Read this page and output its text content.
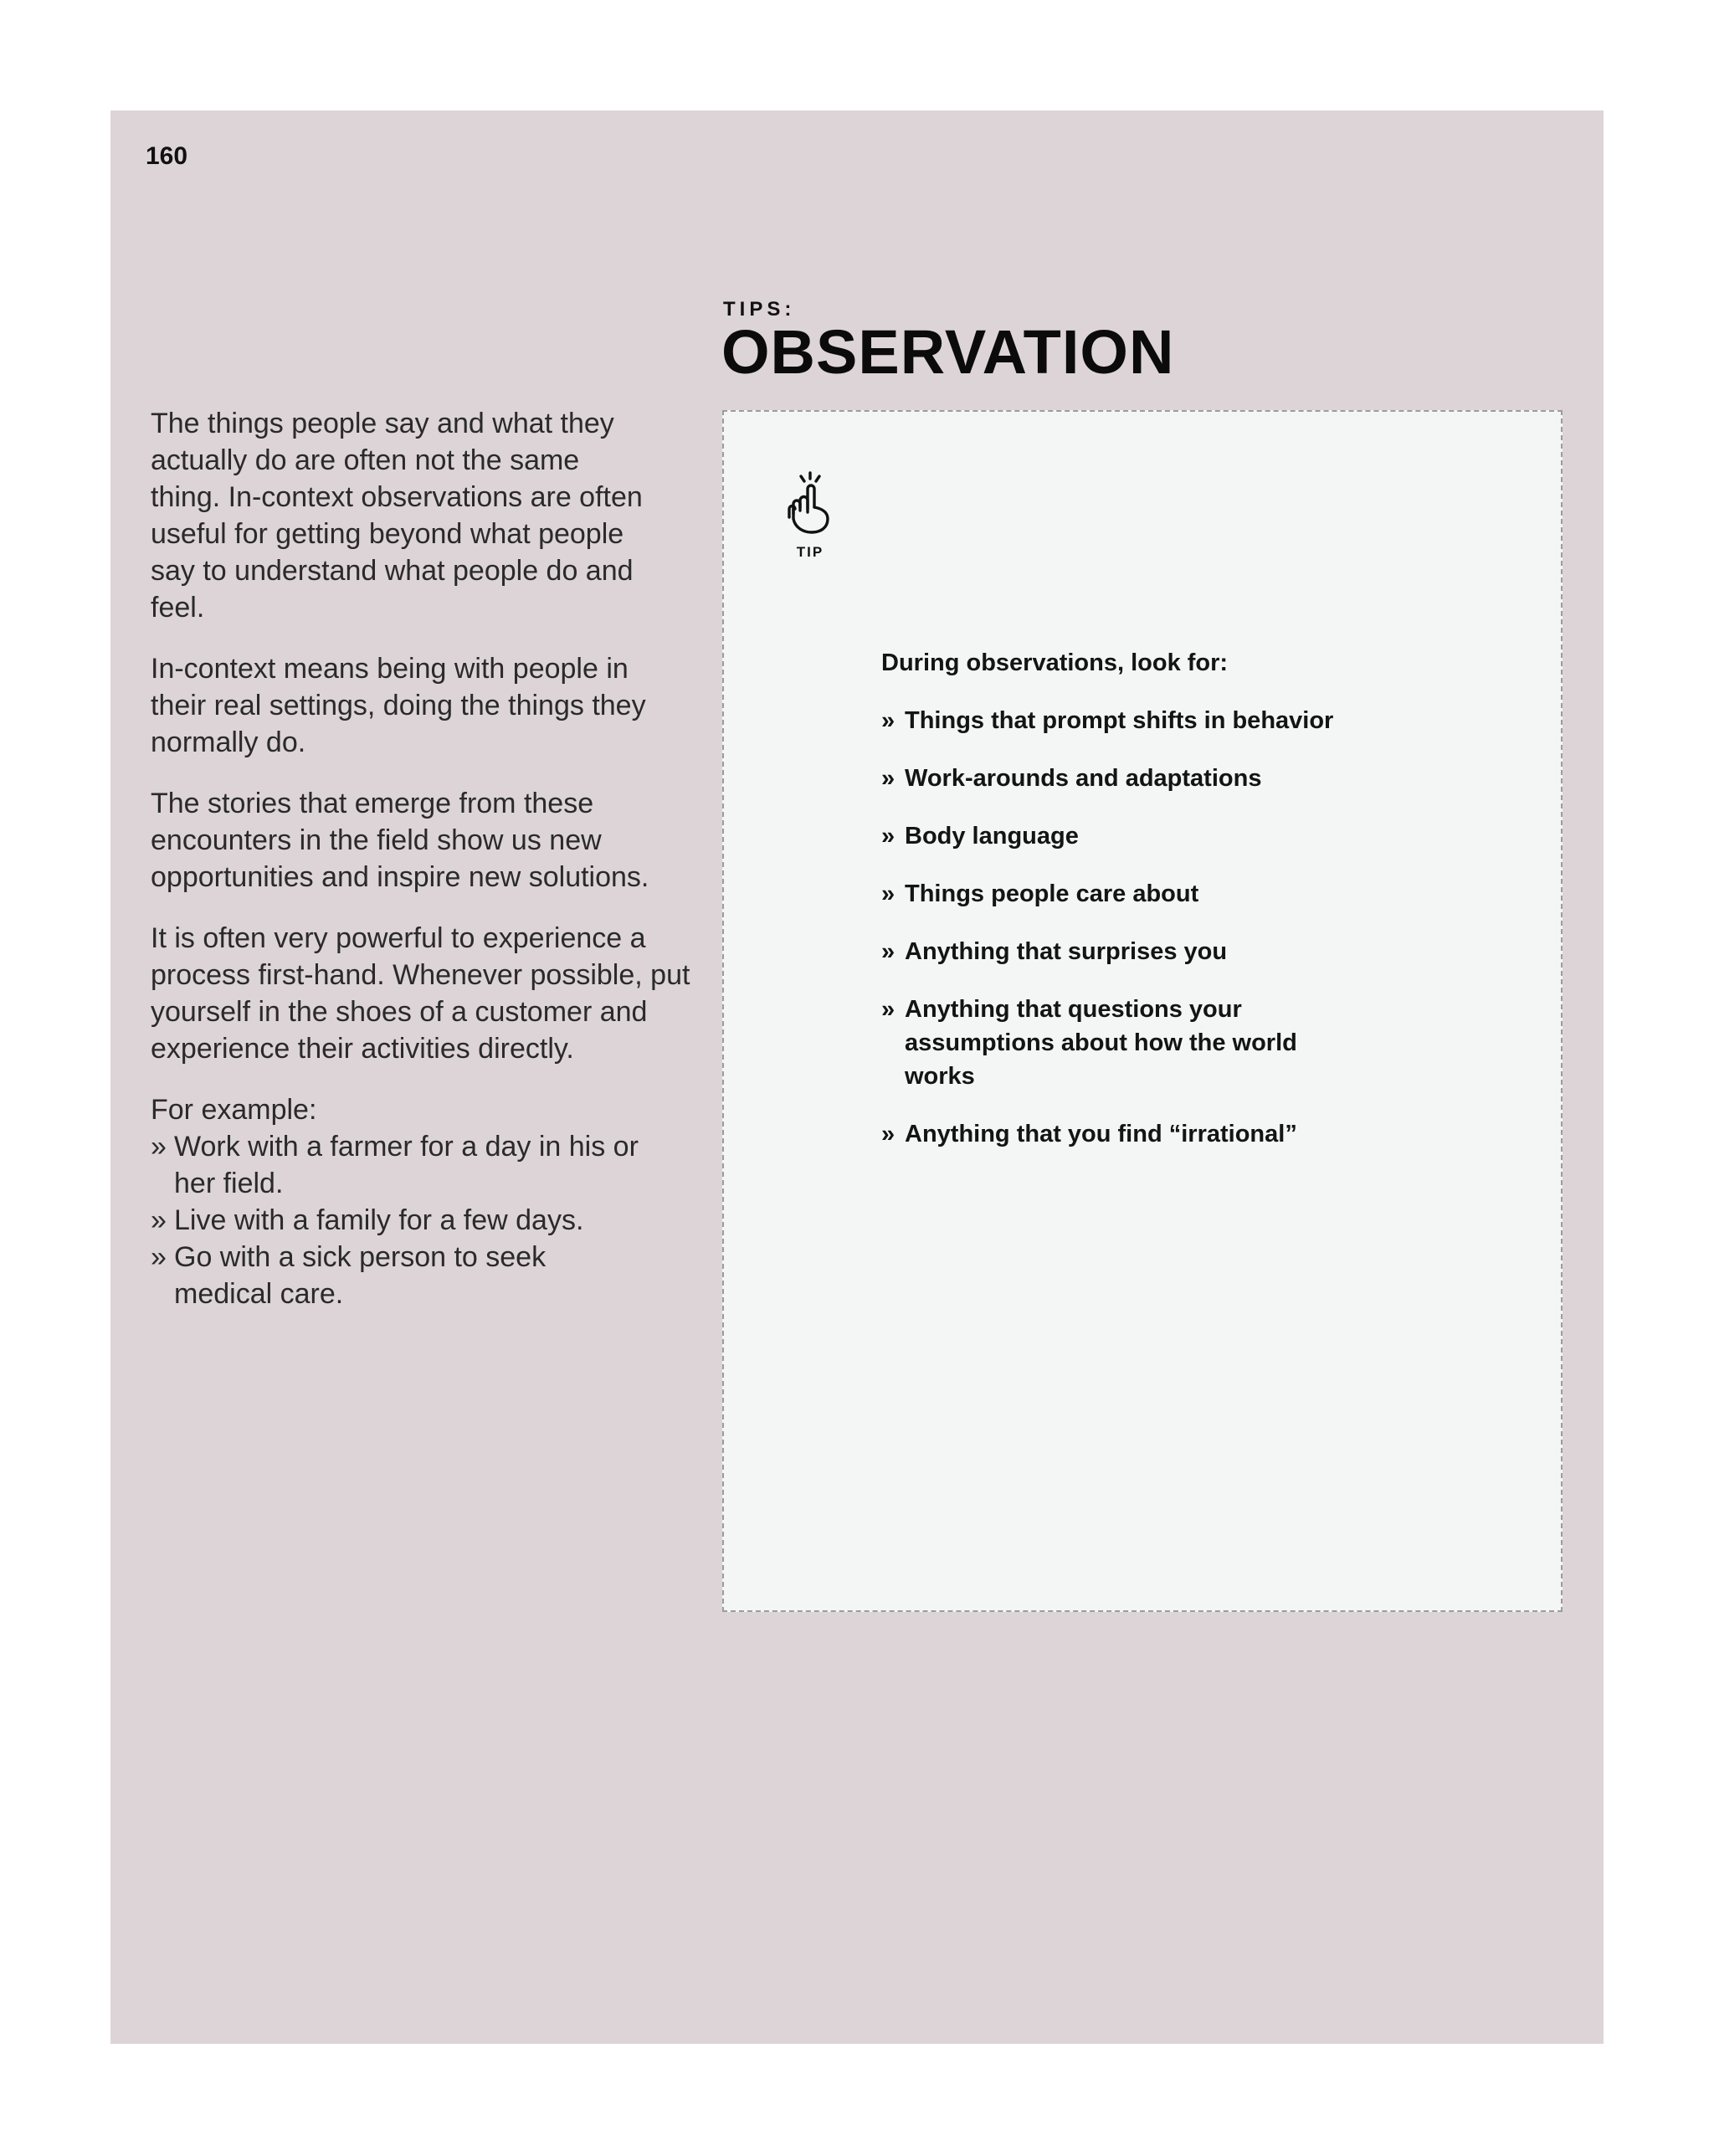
160
TIPS:
OBSERVATION

The things people say and what they actually do are often not the same thing. In-context observations are often useful for getting beyond what people say to understand what people do and feel.

In-context means being with people in their real settings, doing the things they normally do.

The stories that emerge from these encounters in the field show us new opportunities and inspire new solutions.

It is often very powerful to experience a process first-hand. Whenever possible, put yourself in the shoes of a customer and experience their activities directly.

For example:
» Work with a farmer for a day in his or her field.
» Live with a family for a few days.
» Go with a sick person to seek medical care.
TIP
During observations, look for:
» Things that prompt shifts in behavior
» Work-arounds and adaptations
» Body language
» Things people care about
» Anything that surprises you
» Anything that questions your assumptions about how the world works
» Anything that you find “irrational”
